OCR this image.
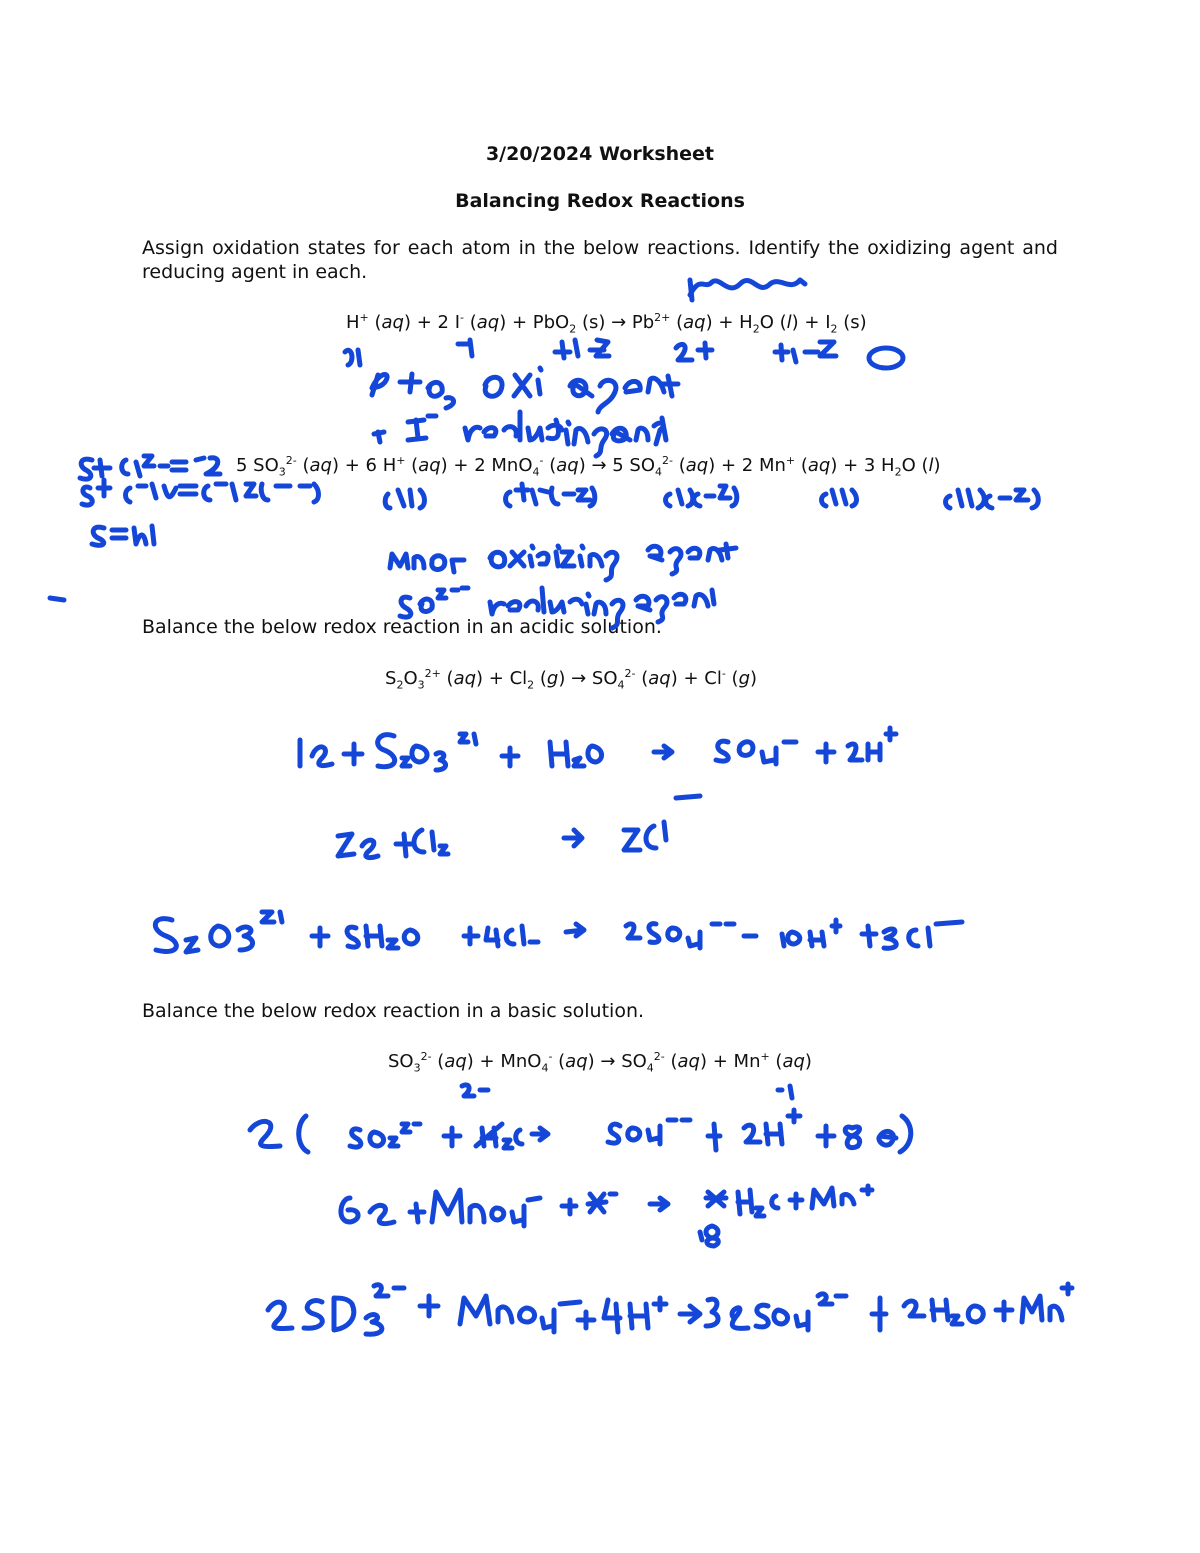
3/20/2024 Worksheet
Balancing Redox Reactions
Assign oxidation states for each atom in the below reactions. Identify the oxidizing agent and reducing agent in each.
H+ (aq) + 2 I- (aq) + PbO$_2$ $(s) \to Pb^{2+}$ $(aq) + H_2O$ $(l) + I_2$ (s)
5 $SO_3^{2-}$ (aq) + 6 H+ (aq) + 2 MnO$_4$- (aq) → 5 $SO_4^{2-}$ (aq) + 2 Mn+ (aq) + 3 $H_2O$ (l)
Balance the below redox reaction in an acidic solution.
$S_2O_3^{2+}$ $(aq) + Cl_2$ $(g) \to SO_4^{2-}$ (aq) + Cl- (g)
Balance the below redox reaction in a basic solution.
$SO_3^{2-}$ (aq) + MnO$_4$- $(aq) \to SO_4^{2-}$ (aq) + Mn+ (aq)
